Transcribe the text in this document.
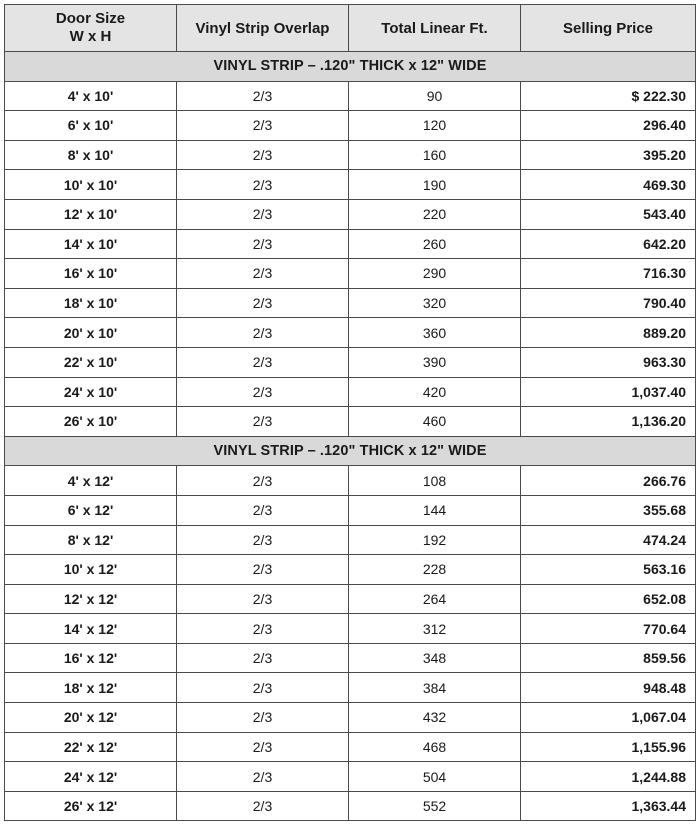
Door Size
W x H	Vinyl Strip Overlap	Total Linear Ft.	Selling Price
VINYL STRIP – .120" THICK x 12" WIDE			
4' x 10'	2/3	90	$ 222.30
6' x 10'	2/3	120	296.40
8' x 10'	2/3	160	395.20
10' x 10'	2/3	190	469.30
12' x 10'	2/3	220	543.40
14' x 10'	2/3	260	642.20
16' x 10'	2/3	290	716.30
18' x 10'	2/3	320	790.40
20' x 10'	2/3	360	889.20
22' x 10'	2/3	390	963.30
24' x 10'	2/3	420	1,037.40
26' x 10'	2/3	460	1,136.20
VINYL STRIP – .120" THICK x 12" WIDE			
4' x 12'	2/3	108	266.76
6' x 12'	2/3	144	355.68
8' x 12'	2/3	192	474.24
10' x 12'	2/3	228	563.16
12' x 12'	2/3	264	652.08
14' x 12'	2/3	312	770.64
16' x 12'	2/3	348	859.56
18' x 12'	2/3	384	948.48
20' x 12'	2/3	432	1,067.04
22' x 12'	2/3	468	1,155.96
24' x 12'	2/3	504	1,244.88
26' x 12'	2/3	552	1,363.44
